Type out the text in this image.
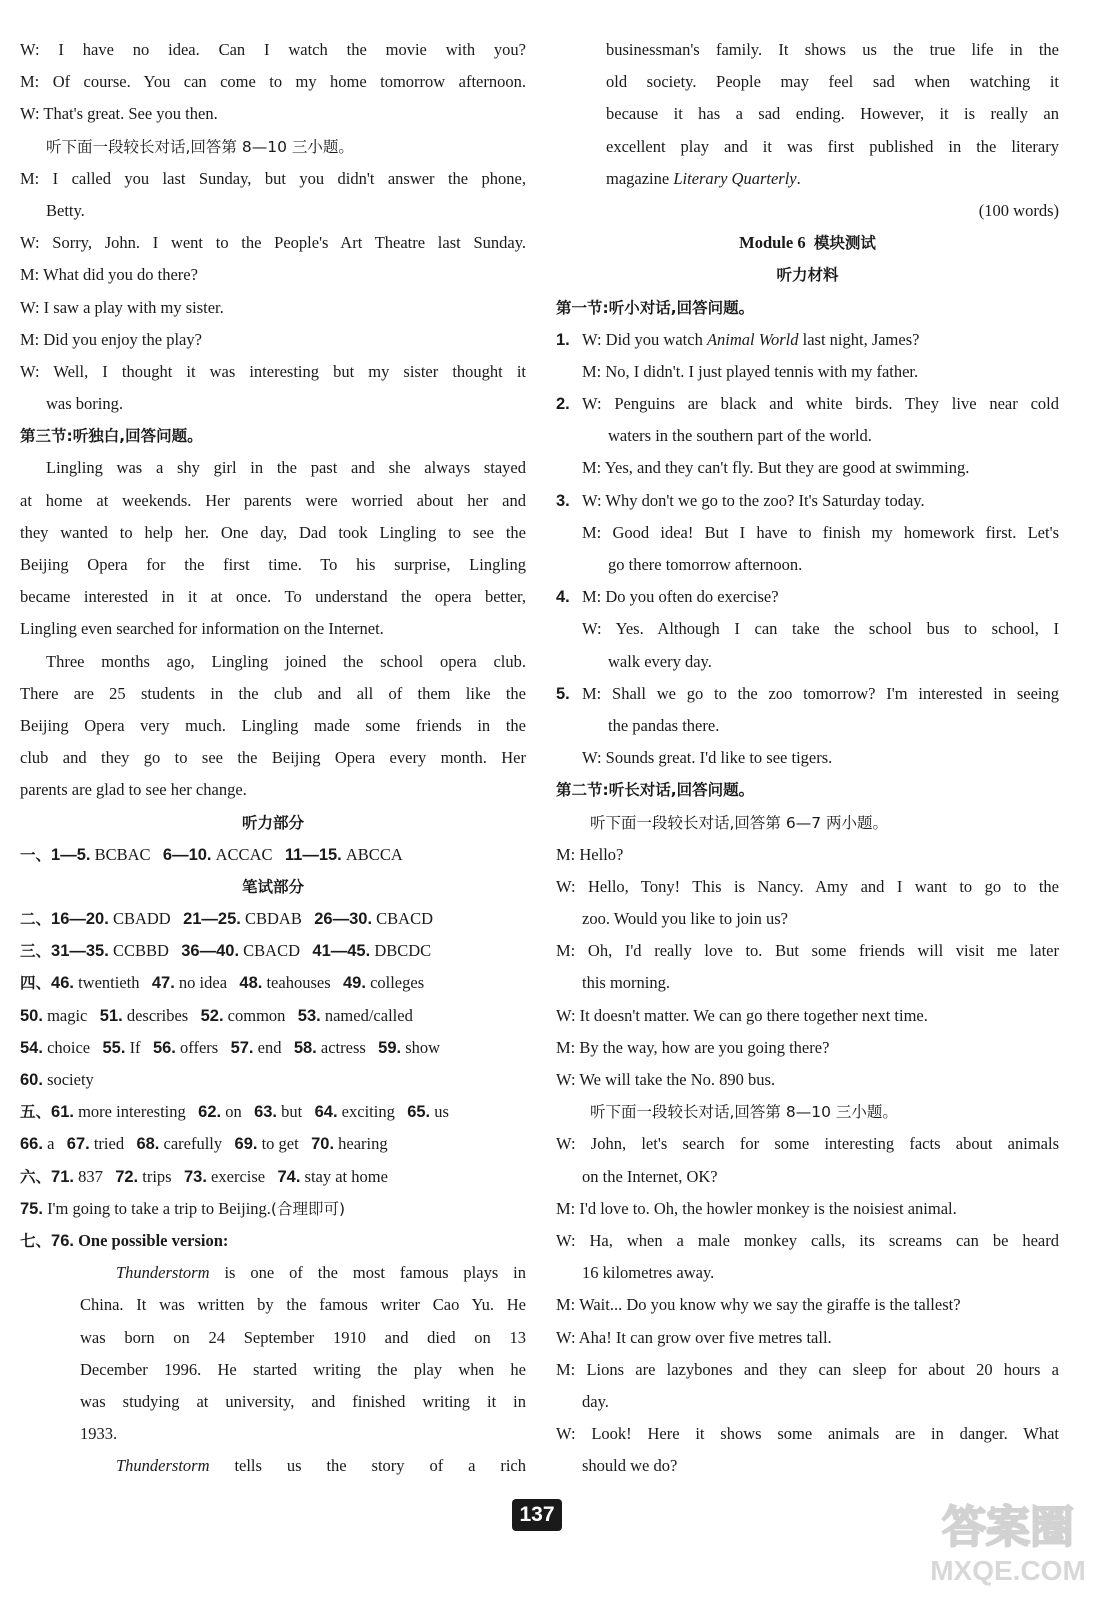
W: I have no idea. Can I watch the movie with you?
M: Of course. You can come to my home tomorrow afternoon.
W: That's great. See you then.
听下面一段较长对话,回答第 8—10 三小题。
M: I called you last Sunday, but you didn't answer the phone,
Betty.
W: Sorry, John. I went to the People's Art Theatre last Sunday.
M: What did you do there?
W: I saw a play with my sister.
M: Did you enjoy the play?
W: Well, I thought it was interesting but my sister thought it
was boring.
第三节:听独白,回答问题。
Lingling was a shy girl in the past and she always stayed
at home at weekends. Her parents were worried about her and
they wanted to help her. One day, Dad took Lingling to see the
Beijing Opera for the first time. To his surprise, Lingling
became interested in it at once. To understand the opera better,
Lingling even searched for information on the Internet.
Three months ago, Lingling joined the school opera club.
There are 25 students in the club and all of them like the
Beijing Opera very much. Lingling made some friends in the
club and they go to see the Beijing Opera every month. Her
parents are glad to see her change.
听力部分
一、1—5. BCBAC 6—10. ACCAC 11—15. ABCCA
笔试部分
二、16—20. CBADD 21—25. CBDAB 26—30. CBACD
三、31—35. CCBBD 36—40. CBACD 41—45. DBCDC
四、46. twentieth 47. no idea 48. teahouses 49. colleges
50. magic 51. describes 52. common 53. named/called
54. choice 55. If 56. offers 57. end 58. actress 59. show
60. society
五、61. more interesting 62. on 63. but 64. exciting 65. us
66. a 67. tried 68. carefully 69. to get 70. hearing
六、71. 837 72. trips 73. exercise 74. stay at home
75. I'm going to take a trip to Beijing.(合理即可)
七、76. One possible version:
Thunderstorm is one of the most famous plays in
China. It was written by the famous writer Cao Yu. He
was born on 24 September 1910 and died on 13
December 1996. He started writing the play when he
was studying at university, and finished writing it in
1933.
Thunderstorm tells us the story of a rich
businessman's family. It shows us the true life in the
old society. People may feel sad when watching it
because it has a sad ending. However, it is really an
excellent play and it was first published in the literary
magazine Literary Quarterly.
(100 words)
Module 6 模块测试
听力材料
第一节:听小对话,回答问题。
1. W: Did you watch Animal World last night, James?
M: No, I didn't. I just played tennis with my father.
2. W: Penguins are black and white birds. They live near cold
waters in the southern part of the world.
M: Yes, and they can't fly. But they are good at swimming.
3. W: Why don't we go to the zoo? It's Saturday today.
M: Good idea! But I have to finish my homework first. Let's
go there tomorrow afternoon.
4. M: Do you often do exercise?
W: Yes. Although I can take the school bus to school, I
walk every day.
5. M: Shall we go to the zoo tomorrow? I'm interested in seeing
the pandas there.
W: Sounds great. I'd like to see tigers.
第二节:听长对话,回答问题。
听下面一段较长对话,回答第 6—7 两小题。
M: Hello?
W: Hello, Tony! This is Nancy. Amy and I want to go to the
zoo. Would you like to join us?
M: Oh, I'd really love to. But some friends will visit me later
this morning.
W: It doesn't matter. We can go there together next time.
M: By the way, how are you going there?
W: We will take the No. 890 bus.
听下面一段较长对话,回答第 8—10 三小题。
W: John, let's search for some interesting facts about animals
on the Internet, OK?
M: I'd love to. Oh, the howler monkey is the noisiest animal.
W: Ha, when a male monkey calls, its screams can be heard
16 kilometres away.
M: Wait... Do you know why we say the giraffe is the tallest?
W: Aha! It can grow over five metres tall.
M: Lions are lazybones and they can sleep for about 20 hours a
day.
W: Look! Here it shows some animals are in danger. What
should we do?
137	答案圈
MXQE.COM
